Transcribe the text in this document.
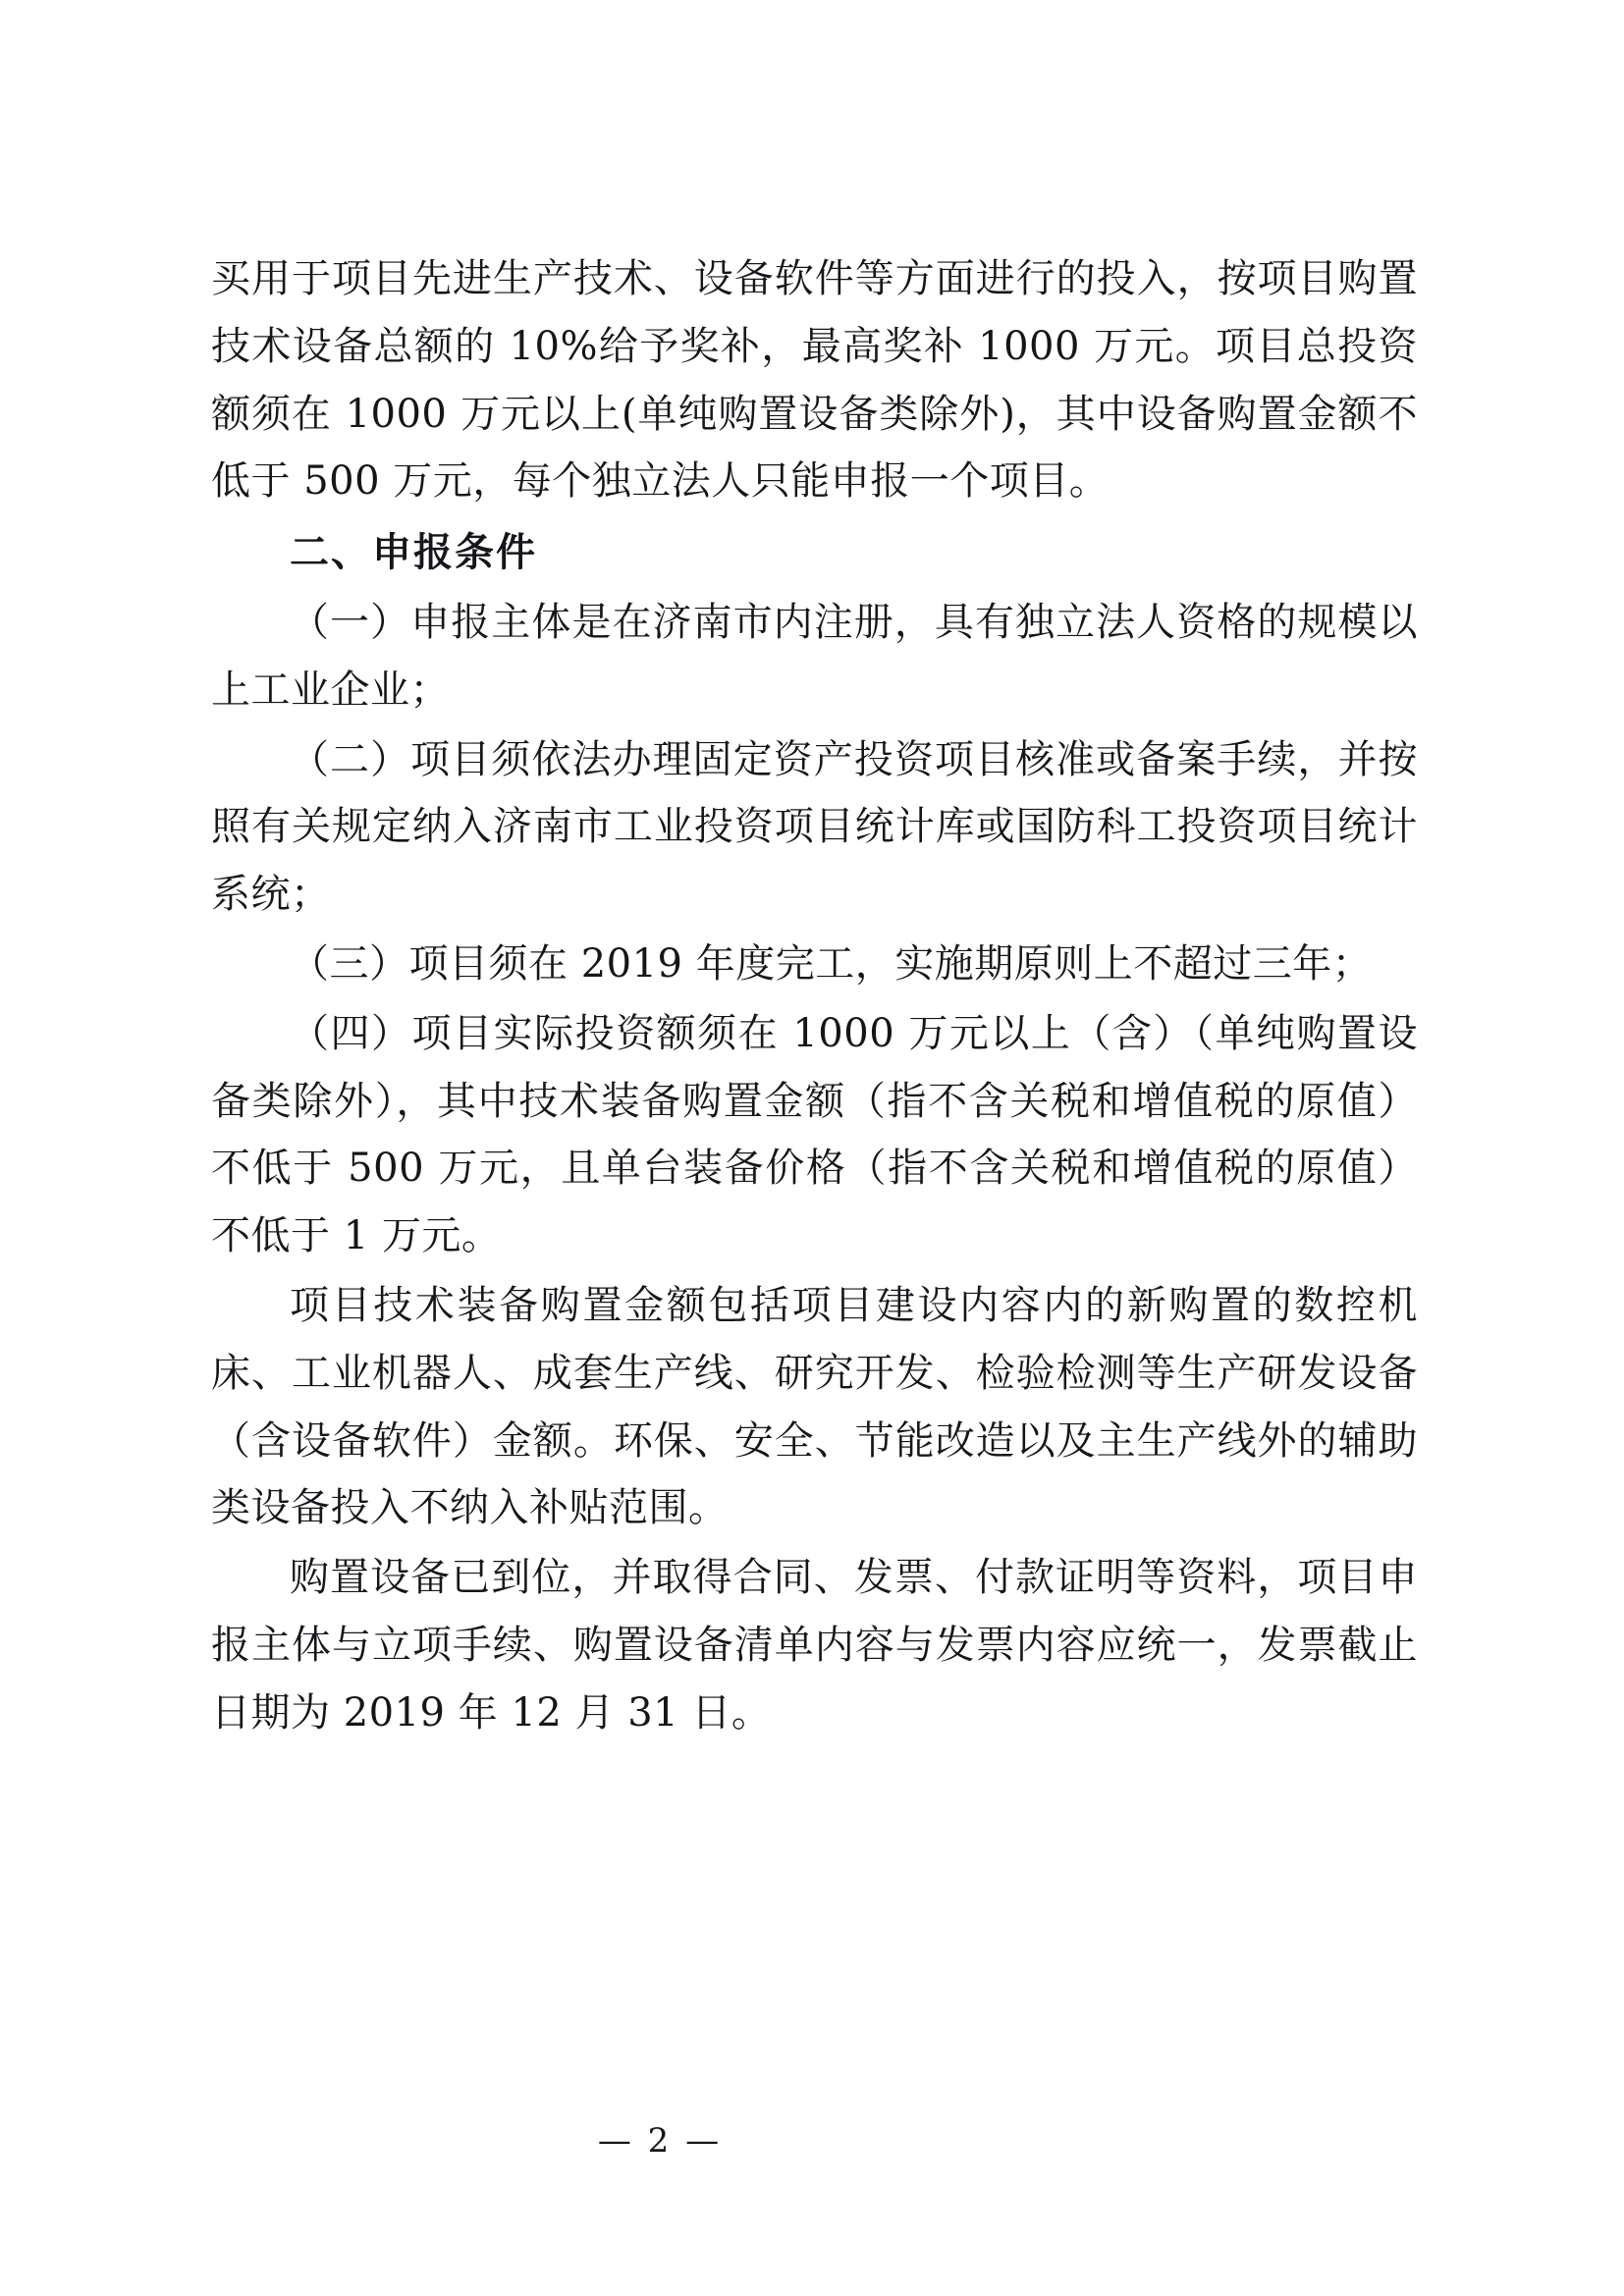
买用于项目先进生产技术、设备软件等方面进行的投入，按项目购置技术设备总额的 10%给予奖补，最高奖补 1000 万元。项目总投资额须在 1000 万元以上(单纯购置设备类除外)，其中设备购置金额不低于 500 万元，每个独立法人只能申报一个项目。

二、申报条件

（一）申报主体是在济南市内注册，具有独立法人资格的规模以上工业企业；

（二）项目须依法办理固定资产投资项目核准或备案手续，并按照有关规定纳入济南市工业投资项目统计库或国防科工投资项目统计系统；

（三）项目须在 2019 年度完工，实施期原则上不超过三年；

（四）项目实际投资额须在 1000 万元以上（含）（单纯购置设备类除外），其中技术装备购置金额（指不含关税和增值税的原值）不低于 500 万元，且单台装备价格（指不含关税和增值税的原值）不低于 1 万元。

项目技术装备购置金额包括项目建设内容内的新购置的数控机床、工业机器人、成套生产线、研究开发、检验检测等生产研发设备（含设备软件）金额。环保、安全、节能改造以及主生产线外的辅助类设备投入不纳入补贴范围。

购置设备已到位，并取得合同、发票、付款证明等资料，项目申报主体与立项手续、购置设备清单内容与发票内容应统一，发票截止日期为 2019 年 12 月 31 日。

— 2 —
